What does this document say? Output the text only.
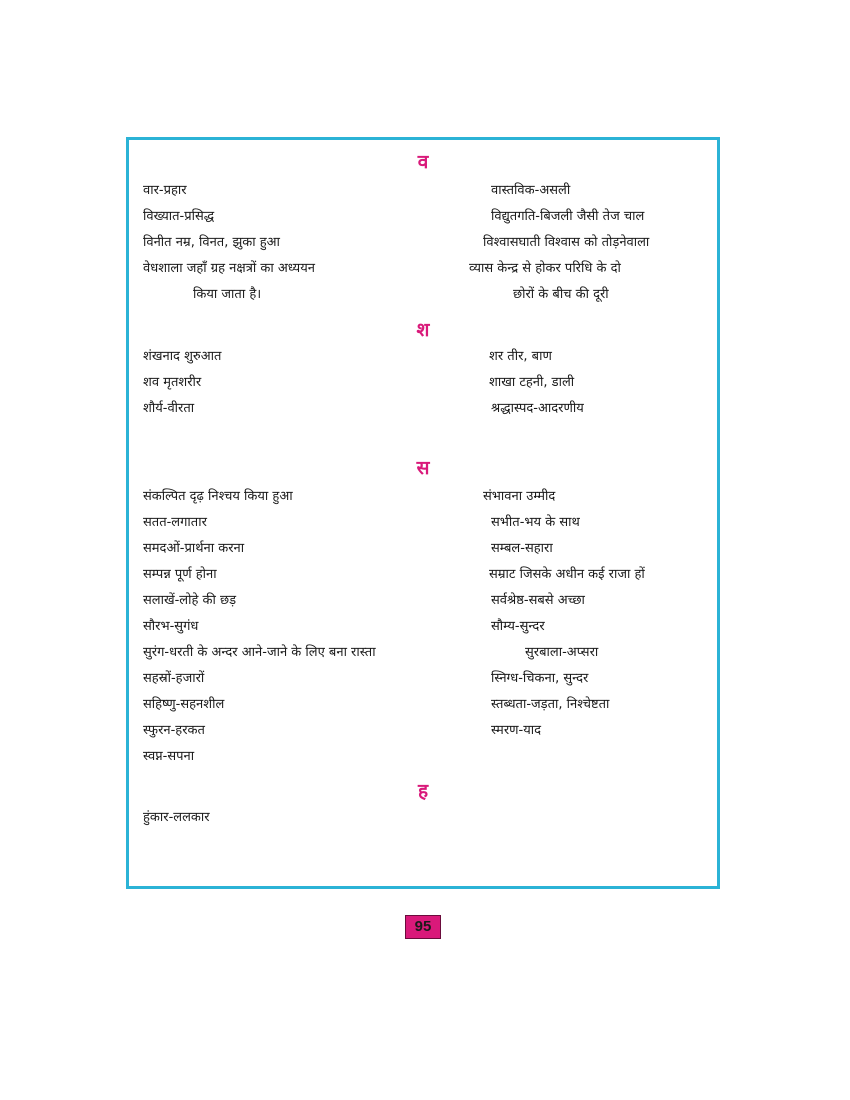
व
वार-प्रहार
विख्यात-प्रसिद्ध
विनीत नम्र, विनत, झुका हुआ
वेधशाला जहाँ ग्रह नक्षत्रों का अध्ययन
किया जाता है।
वास्तविक-असली
विद्युतगति-बिजली जैसी तेज चाल
विश्वासघाती विश्वास को तोड़नेवाला
व्यास केन्द्र से होकर परिधि के दो
छोरों के बीच की दूरी
श
शंखनाद शुरुआत
शव मृतशरीर
शौर्य-वीरता
शर तीर, बाण
शाखा टहनी, डाली
श्रद्धास्पद-आदरणीय
स
संकल्पित दृढ़ निश्चय किया हुआ
सतत-लगातार
समदओं-प्रार्थना करना
सम्पन्न पूर्ण होना
सलाखें-लोहे की छड़
सौरभ-सुगंध
सुरंग-धरती के अन्दर आने-जाने के लिए बना रास्ता
सहस्रों-हजारों
सहिष्णु-सहनशील
स्फुरन-हरकत
स्वप्न-सपना
संभावना उम्मीद
सभीत-भय के साथ
सम्बल-सहारा
सम्राट जिसके अधीन कई राजा हों
सर्वश्रेष्ठ-सबसे अच्छा
सौम्य-सुन्दर
सुरबाला-अप्सरा
स्निग्ध-चिकना, सुन्दर
स्तब्धता-जड़ता, निश्चेष्टता
स्मरण-याद
ह
हुंकार-ललकार
95
